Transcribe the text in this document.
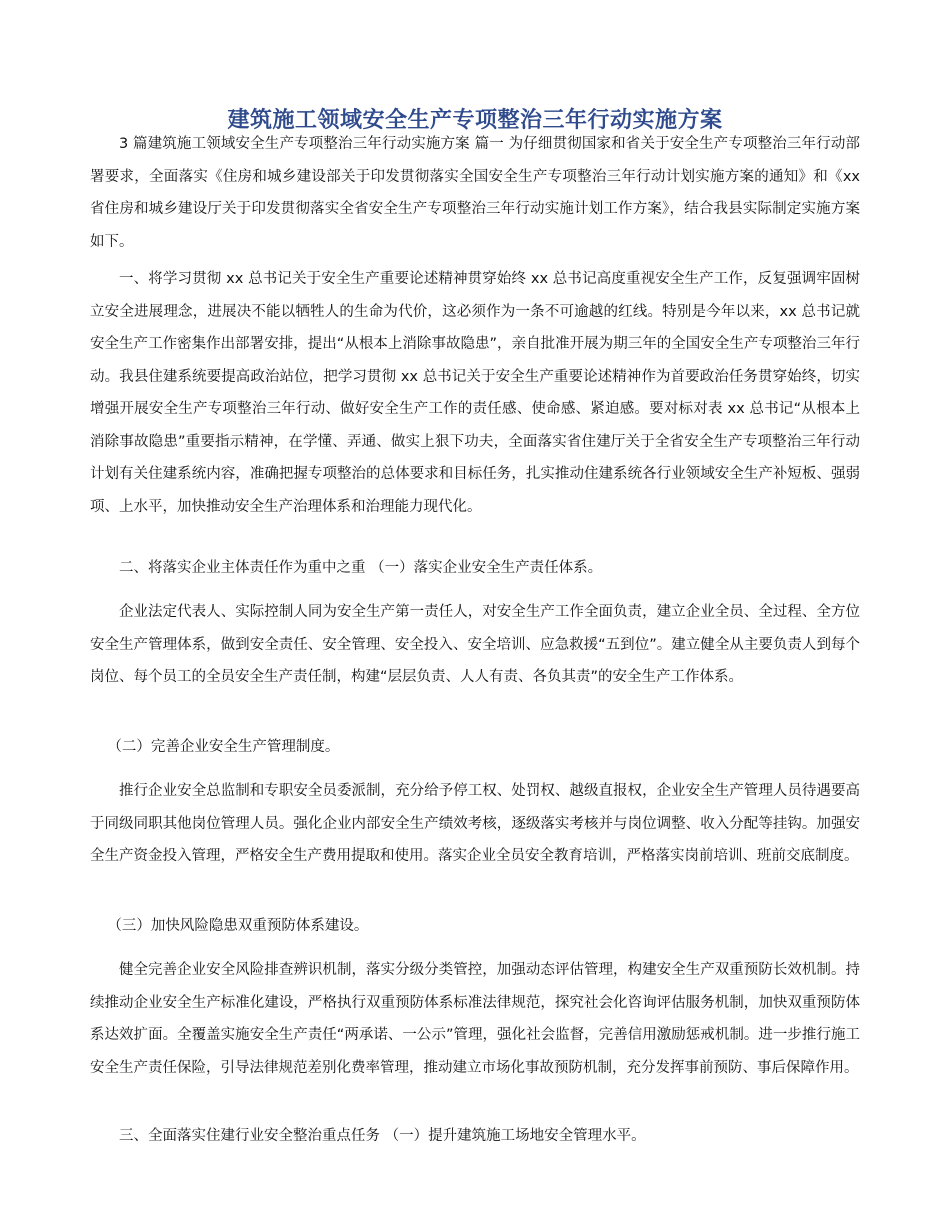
建筑施工领域安全生产专项整治三年行动实施方案

3 篇建筑施工领域安全生产专项整治三年行动实施方案 篇一 为仔细贯彻国家和省关于安全生产专项整治三年行动部署要求，全面落实《住房和城乡建设部关于印发贯彻落实全国安全生产专项整治三年行动计划实施方案的通知》和《xx 省住房和城乡建设厅关于印发贯彻落实全省安全生产专项整治三年行动实施计划工作方案》，结合我县实际制定实施方案如下。

一、将学习贯彻 xx 总书记关于安全生产重要论述精神贯穿始终 xx 总书记高度重视安全生产工作，反复强调牢固树立安全进展理念，进展决不能以牺牲人的生命为代价，这必须作为一条不可逾越的红线。特别是今年以来，xx 总书记就安全生产工作密集作出部署安排，提出“从根本上消除事故隐患”，亲自批准开展为期三年的全国安全生产专项整治三年行动。我县住建系统要提高政治站位，把学习贯彻 xx 总书记关于安全生产重要论述精神作为首要政治任务贯穿始终，切实增强开展安全生产专项整治三年行动、做好安全生产工作的责任感、使命感、紧迫感。要对标对表 xx 总书记“从根本上消除事故隐患”重要指示精神，在学懂、弄通、做实上狠下功夫，全面落实省住建厅关于全省安全生产专项整治三年行动计划有关住建系统内容，准确把握专项整治的总体要求和目标任务，扎实推动住建系统各行业领域安全生产补短板、强弱项、上水平，加快推动安全生产治理体系和治理能力现代化。

二、将落实企业主体责任作为重中之重 （一）落实企业安全生产责任体系。

企业法定代表人、实际控制人同为安全生产第一责任人，对安全生产工作全面负责，建立企业全员、全过程、全方位安全生产管理体系，做到安全责任、安全管理、安全投入、安全培训、应急救援“五到位”。建立健全从主要负责人到每个岗位、每个员工的全员安全生产责任制，构建“层层负责、人人有责、各负其责”的安全生产工作体系。

（二）完善企业安全生产管理制度。

推行企业安全总监制和专职安全员委派制，充分给予停工权、处罚权、越级直报权，企业安全生产管理人员待遇要高于同级同职其他岗位管理人员。强化企业内部安全生产绩效考核，逐级落实考核并与岗位调整、收入分配等挂钩。加强安全生产资金投入管理，严格安全生产费用提取和使用。落实企业全员安全教育培训，严格落实岗前培训、班前交底制度。

（三）加快风险隐患双重预防体系建设。

健全完善企业安全风险排查辨识机制，落实分级分类管控，加强动态评估管理，构建安全生产双重预防长效机制。持续推动企业安全生产标准化建设，严格执行双重预防体系标准法律规范，探究社会化咨询评估服务机制，加快双重预防体系达效扩面。全覆盖实施安全生产责任“两承诺、一公示”管理，强化社会监督，完善信用激励惩戒机制。进一步推行施工安全生产责任保险，引导法律规范差别化费率管理，推动建立市场化事故预防机制，充分发挥事前预防、事后保障作用。

三、全面落实住建行业安全整治重点任务 （一）提升建筑施工场地安全管理水平。
